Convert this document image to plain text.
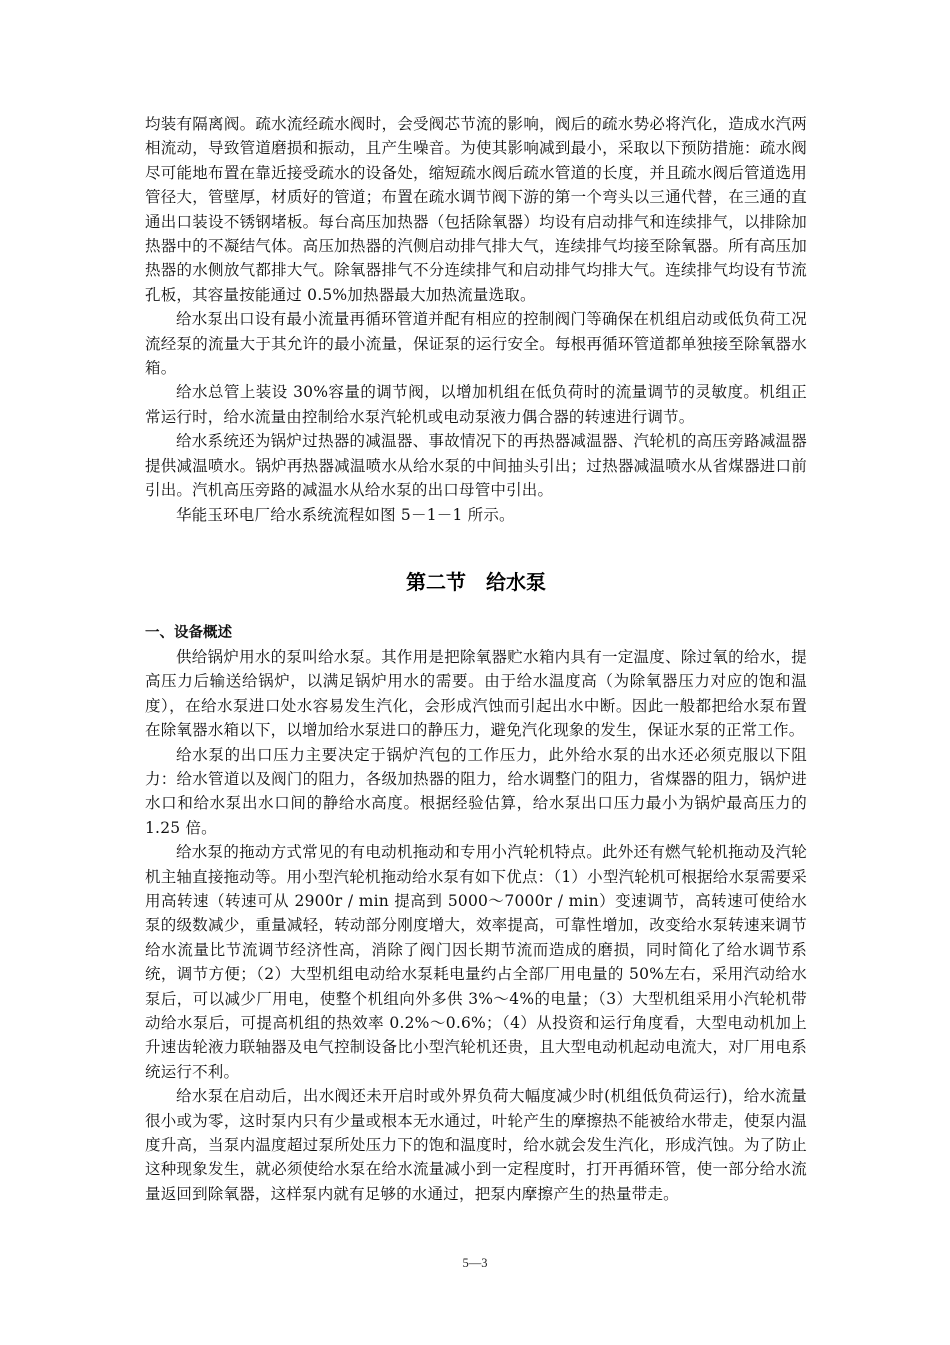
均装有隔离阀。疏水流经疏水阀时，会受阀芯节流的影响，阀后的疏水势必将汽化，造成水汽两相流动，导致管道磨损和振动，且产生噪音。为使其影响减到最小，采取以下预防措施：疏水阀尽可能地布置在靠近接受疏水的设备处，缩短疏水阀后疏水管道的长度，并且疏水阀后管道选用管径大，管壁厚，材质好的管道；布置在疏水调节阀下游的第一个弯头以三通代替，在三通的直通出口装设不锈钢堵板。每台高压加热器（包括除氧器）均设有启动排气和连续排气，以排除加热器中的不凝结气体。高压加热器的汽侧启动排气排大气，连续排气均接至除氧器。所有高压加热器的水侧放气都排大气。除氧器排气不分连续排气和启动排气均排大气。连续排气均设有节流孔板，其容量按能通过 0.5%加热器最大加热流量选取。

给水泵出口设有最小流量再循环管道并配有相应的控制阀门等确保在机组启动或低负荷工况流经泵的流量大于其允许的最小流量，保证泵的运行安全。每根再循环管道都单独接至除氧器水箱。

给水总管上装设 30%容量的调节阀，以增加机组在低负荷时的流量调节的灵敏度。机组正常运行时，给水流量由控制给水泵汽轮机或电动泵液力偶合器的转速进行调节。

给水系统还为锅炉过热器的减温器、事故情况下的再热器减温器、汽轮机的高压旁路减温器提供减温喷水。锅炉再热器减温喷水从给水泵的中间抽头引出；过热器减温喷水从省煤器进口前引出。汽机高压旁路的减温水从给水泵的出口母管中引出。

华能玉环电厂给水系统流程如图 5－1－1 所示。

第二节　给水泵
一、设备概述

供给锅炉用水的泵叫给水泵。其作用是把除氧器贮水箱内具有一定温度、除过氧的给水，提高压力后输送给锅炉，以满足锅炉用水的需要。由于给水温度高（为除氧器压力对应的饱和温度），在给水泵进口处水容易发生汽化，会形成汽蚀而引起出水中断。因此一般都把给水泵布置在除氧器水箱以下，以增加给水泵进口的静压力，避免汽化现象的发生，保证水泵的正常工作。

给水泵的出口压力主要决定于锅炉汽包的工作压力，此外给水泵的出水还必须克服以下阻力：给水管道以及阀门的阻力，各级加热器的阻力，给水调整门的阻力，省煤器的阻力，锅炉进水口和给水泵出水口间的静给水高度。根据经验估算，给水泵出口压力最小为锅炉最高压力的 1.25 倍。

给水泵的拖动方式常见的有电动机拖动和专用小汽轮机特点。此外还有燃气轮机拖动及汽轮机主轴直接拖动等。用小型汽轮机拖动给水泵有如下优点：（1）小型汽轮机可根据给水泵需要采用高转速（转速可从 2900r / min 提高到 5000～7000r / min）变速调节，高转速可使给水泵的级数减少，重量减轻，转动部分刚度增大，效率提高，可靠性增加，改变给水泵转速来调节给水流量比节流调节经济性高，消除了阀门因长期节流而造成的磨损，同时简化了给水调节系统，调节方便；（2）大型机组电动给水泵耗电量约占全部厂用电量的 50%左右，采用汽动给水泵后，可以减少厂用电，使整个机组向外多供 3%～4%的电量；（3）大型机组采用小汽轮机带动给水泵后，可提高机组的热效率 0.2%～0.6%；（4）从投资和运行角度看，大型电动机加上升速齿轮液力联轴器及电气控制设备比小型汽轮机还贵，且大型电动机起动电流大，对厂用电系统运行不利。

给水泵在启动后，出水阀还未开启时或外界负荷大幅度减少时(机组低负荷运行)，给水流量很小或为零，这时泵内只有少量或根本无水通过，叶轮产生的摩擦热不能被给水带走，使泵内温度升高，当泵内温度超过泵所处压力下的饱和温度时，给水就会发生汽化，形成汽蚀。为了防止这种现象发生，就必须使给水泵在给水流量减小到一定程度时，打开再循环管，使一部分给水流量返回到除氧器，这样泵内就有足够的水通过，把泵内摩擦产生的热量带走。

5—3
